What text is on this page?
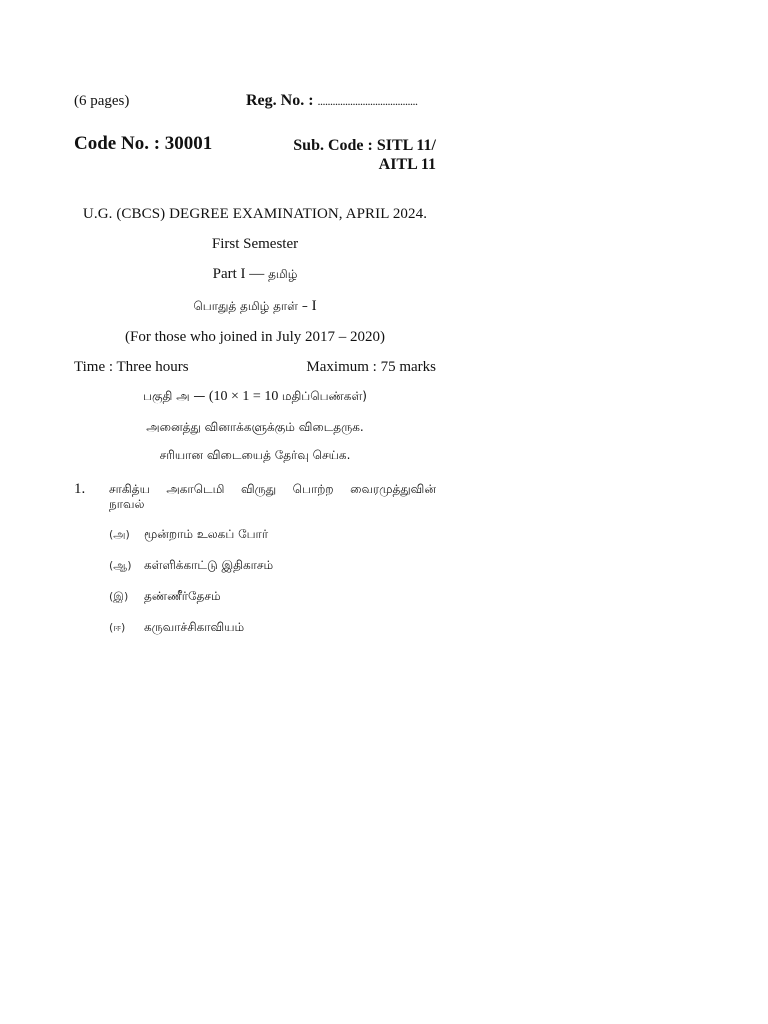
(6 pages)	Reg. No. : ........................................
Code No. : 30001	Sub. Code : SITL 11/
AITL 11
U.G. (CBCS) DEGREE EXAMINATION, APRIL 2024.
First Semester
Part I — தமிழ்
பொதுத் தமிழ் தாள் – I
(For those who joined in July 2017 – 2020)
Time : Three hours	Maximum : 75 marks
பகுதி அ — (10 × 1 = 10 மதிப்பெண்கள்)
அனைத்து வினாக்களுக்கும் விடைதருக.
சரியான விடையைத் தேர்வு செய்க.
1. சாகித்ய அகாடெமி விருது பொற்ற வைரமுத்துவின்
நாவல்
(அ) மூன்றாம் உலகப் போர்
(ஆ) கள்ளிக்காட்டு இதிகாசம்
(இ) தண்ணீர்தேசம்
(ஈ) கருவாச்சிகாவியம்
